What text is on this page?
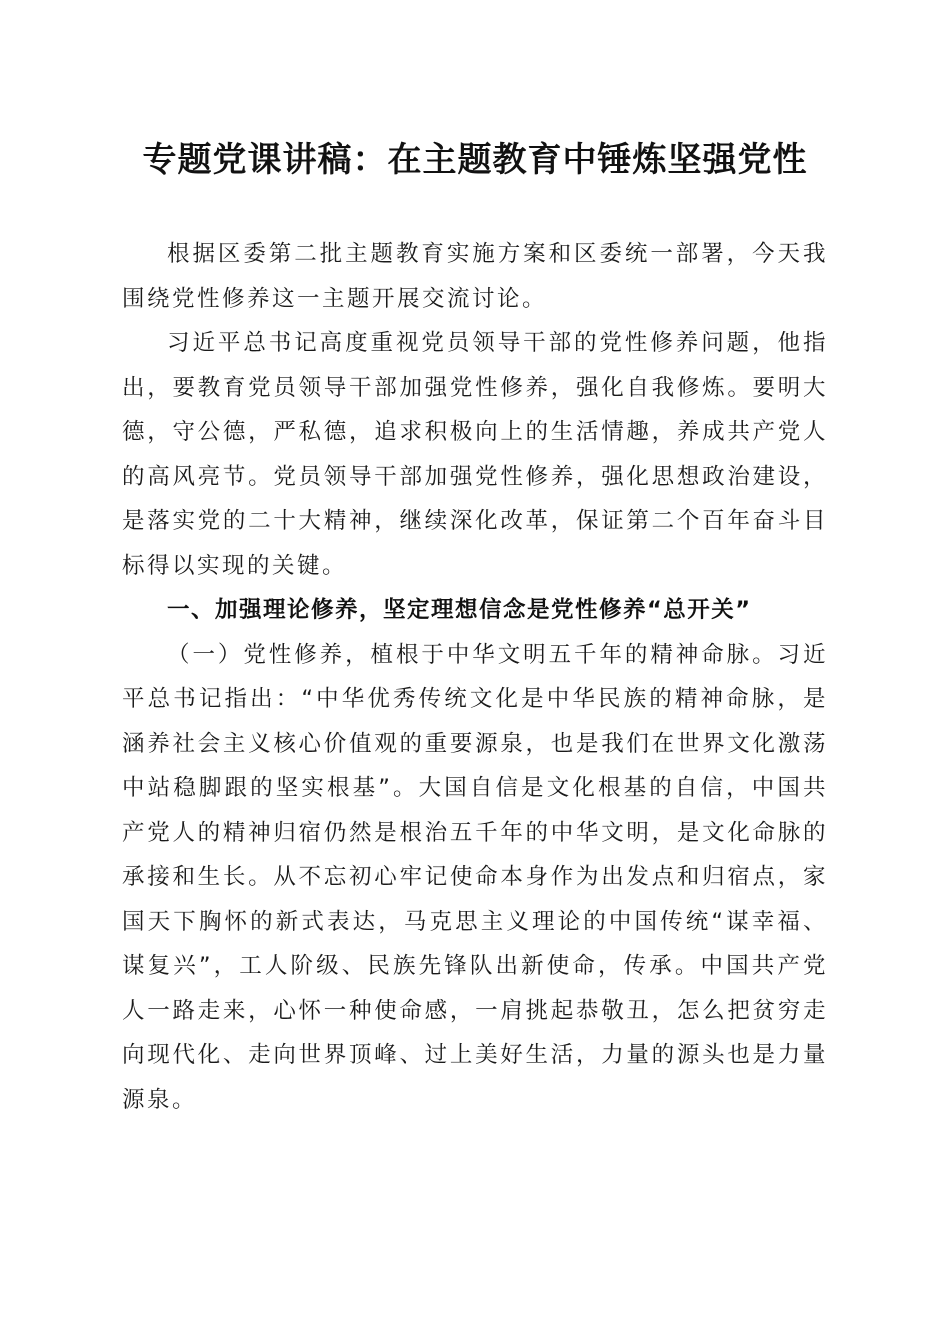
专题党课讲稿：在主题教育中锤炼坚强党性

根据区委第二批主题教育实施方案和区委统一部署，今天我围绕党性修养这一主题开展交流讨论。

习近平总书记高度重视党员领导干部的党性修养问题，他指出，要教育党员领导干部加强党性修养，强化自我修炼。要明大德，守公德，严私德，追求积极向上的生活情趣，养成共产党人的高风亮节。党员领导干部加强党性修养，强化思想政治建设，是落实党的二十大精神，继续深化改革，保证第二个百年奋斗目标得以实现的关键。

一、加强理论修养，坚定理想信念是党性修养“总开关”

（一）党性修养，植根于中华文明五千年的精神命脉。习近平总书记指出：“中华优秀传统文化是中华民族的精神命脉，是涵养社会主义核心价值观的重要源泉，也是我们在世界文化激荡中站稳脚跟的坚实根基”。大国自信是文化根基的自信，中国共产党人的精神归宿仍然是根治五千年的中华文明，是文化命脉的承接和生长。从不忘初心牢记使命本身作为出发点和归宿点，家国天下胸怀的新式表达，马克思主义理论的中国传统“谋幸福、谋复兴”，工人阶级、民族先锋队出新使命，传承。中国共产党人一路走来，心怀一种使命感，一肩挑起恭敬丑，怎么把贫穷走向现代化、走向世界顶峰、过上美好生活，力量的源头也是力量源泉。
